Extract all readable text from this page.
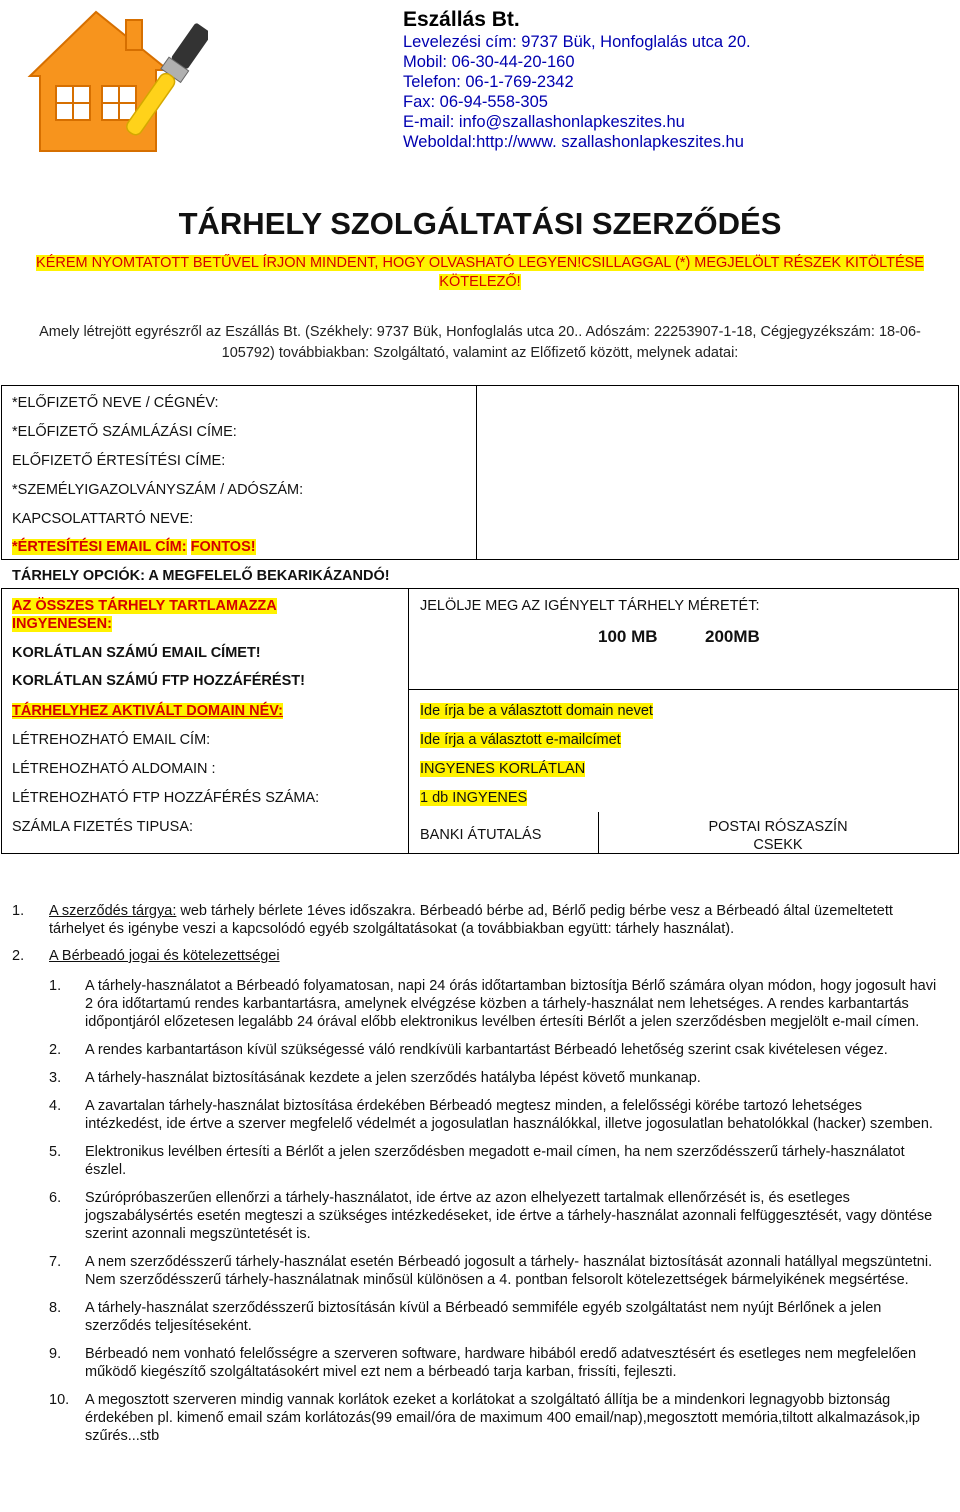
Eszállás Bt.
Levelezési cím: 9737 Bük, Honfoglalás utca 20.
Mobil: 06-30-44-20-160
Telefon: 06-1-769-2342
Fax: 06-94-558-305
E-mail: info@szallashonlapkeszites.hu
Weboldal:http://www. szallashonlapkeszites.hu
TÁRHELY SZOLGÁLTATÁSI SZERZŐDÉS
KÉREM NYOMTATOTT BETŰVEL ÍRJON MINDENT, HOGY OLVASHATÓ LEGYEN!CSILLAGGAL (*) MEGJELÖLT RÉSZEK KITÖLTÉSE KÖTELEZŐ!
Amely létrejött egyrészről az Eszállás Bt. (Székhely: 9737 Bük, Honfoglalás utca 20.. Adószám: 22253907-1-18, Cégjegyzékszám: 18-06-105792) továbbiakban: Szolgáltató, valamint az Előfizető között, melynek adatai:
*ELŐFIZETŐ NEVE / CÉGNÉV:
*ELŐFIZETŐ SZÁMLÁZÁSI CÍME:
ELŐFIZETŐ ÉRTESÍTÉSI CÍME:
*SZEMÉLYIGAZOLVÁNYSZÁM / ADÓSZÁM:
KAPCSOLATTARTÓ NEVE:
*ÉRTESÍTÉSI EMAIL CÍM: FONTOS!
TÁRHELY OPCIÓK: A MEGFELELŐ BEKARIKÁZANDÓ!
AZ ÖSSZES TÁRHELY TARTLAMAZZA
INGYENESEN:
KORLÁTLAN SZÁMÚ EMAIL CÍMET!
KORLÁTLAN SZÁMÚ FTP HOZZÁFÉRÉST!
JELÖLJE MEG AZ IGÉNYELT TÁRHELY MÉRETÉT:
100 MB	200MB
TÁRHELYHEZ AKTIVÁLT DOMAIN NÉV:	Ide írja be a választott domain nevet
LÉTREHOZHATÓ EMAIL CÍM:	Ide írja a választott e-mailcímet
LÉTREHOZHATÓ ALDOMAIN :	INGYENES KORLÁTLAN
LÉTREHOZHATÓ FTP HOZZÁFÉRÉS SZÁMA:	1 db INGYENES
SZÁMLA FIZETÉS TIPUSA:	BANKI ÁTUTALÁS	POSTAI RÓSZASZÍN
CSEKK
1. A szerződés tárgya: web tárhely bérlete 1éves időszakra. Bérbeadó bérbe ad, Bérlő pedig bérbe vesz a Bérbeadó által üzemeltetett tárhelyet és igénybe veszi a kapcsolódó egyéb szolgáltatásokat (a továbbiakban együtt: tárhely használat).
2. A Bérbeadó jogai és kötelezettségei
1. A tárhely-használatot a Bérbeadó folyamatosan, napi 24 órás időtartamban biztosítja Bérlő számára olyan módon, hogy jogosult havi 2 óra időtartamú rendes karbantartásra, amelynek elvégzése közben a tárhely-használat nem lehetséges. A rendes karbantartás időpontjáról előzetesen legalább 24 órával előbb elektronikus levélben értesíti Bérlőt a jelen szerződésben megjelölt e-mail címen.
2. A rendes karbantartáson kívül szükségessé váló rendkívüli karbantartást Bérbeadó lehetőség szerint csak kivételesen végez.
3. A tárhely-használat biztosításának kezdete a jelen szerződés hatályba lépést követő munkanap.
4. A zavartalan tárhely-használat biztosítása érdekében Bérbeadó megtesz minden, a felelősségi körébe tartozó lehetséges intézkedést, ide értve a szerver megfelelő védelmét a jogosulatlan használókkal, illetve jogosulatlan behatolókkal (hacker) szemben.
5. Elektronikus levélben értesíti a Bérlőt a jelen szerződésben megadott e-mail címen, ha nem szerződésszerű tárhely-használatot észlel.
6. Szúrópróbaszerűen ellenőrzi a tárhely-használatot, ide értve az azon elhelyezett tartalmak ellenőrzését is, és esetleges jogszabálysértés esetén megteszi a szükséges intézkedéseket, ide értve a tárhely-használat azonnali felfüggesztését, vagy döntése szerint azonnali megszüntetését is.
7. A nem szerződésszerű tárhely-használat esetén Bérbeadó jogosult a tárhely- használat biztosítását azonnali hatállyal megszüntetni. Nem szerződésszerű tárhely-használatnak minősül különösen a 4. pontban felsorolt kötelezettségek bármelyikének megsértése.
8. A tárhely-használat szerződésszerű biztosításán kívül a Bérbeadó semmiféle egyéb szolgáltatást nem nyújt Bérlőnek a jelen szerződés teljesítéseként.
9. Bérbeadó nem vonható felelősségre a szerveren software, hardware hibából eredő adatvesztésért és esetleges nem megfelelően működő kiegészítő szolgáltatásokért mivel ezt nem a bérbeadó tarja karban, frissíti, fejleszti.
10. A megosztott szerveren mindig vannak korlátok ezeket a korlátokat a szolgáltató állítja be a mindenkori legnagyobb biztonság érdekében pl. kimenő email szám korlátozás(99 email/óra de maximum 400 email/nap),megosztott memória,tiltott alkalmazások,ip szűrés...stb
